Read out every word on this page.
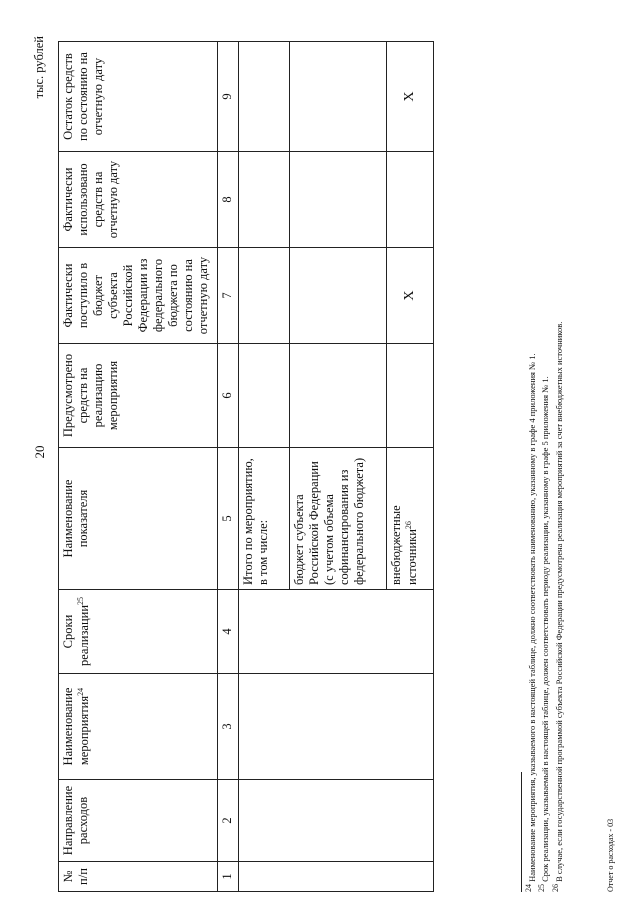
20
тыс. рублей
№ п/п	Направление расходов	Наименование мероприятия$^{24}$	Сроки реализации$^{25}$	Наименование показателя	Предусмотрено средств на реализацию мероприятия	Фактически поступило в бюджет субъекта Российской Федерации из федерального бюджета по состоянию на отчетную дату	Фактически использовано средств на отчетную дату	Остаток средств по состоянию на отчетную дату
1	2	3	4	5	6	7	8	9
				Итого по мероприятию, в том числе:				
				бюджет субъекта Российской Федерации (с учетом объема софинансирования из федерального бюджета)				
				внебюджетные источники$^{26}$		Х		Х
$^{24}$ Наименование мероприятия, указываемого в настоящей таблице, должно соответствовать наименованию, указанному в графе 4 приложения № 1.
$^{25}$ Срок реализации, указываемый в настоящей таблице, должен соответствовать периоду реализации, указанному в графе 5 приложения № 1.
$^{26}$ В случае, если государственной программой субъекта Российской Федерации предусмотрена реализация мероприятий за счет внебюджетных источников.	Отчет о расходах - 03
